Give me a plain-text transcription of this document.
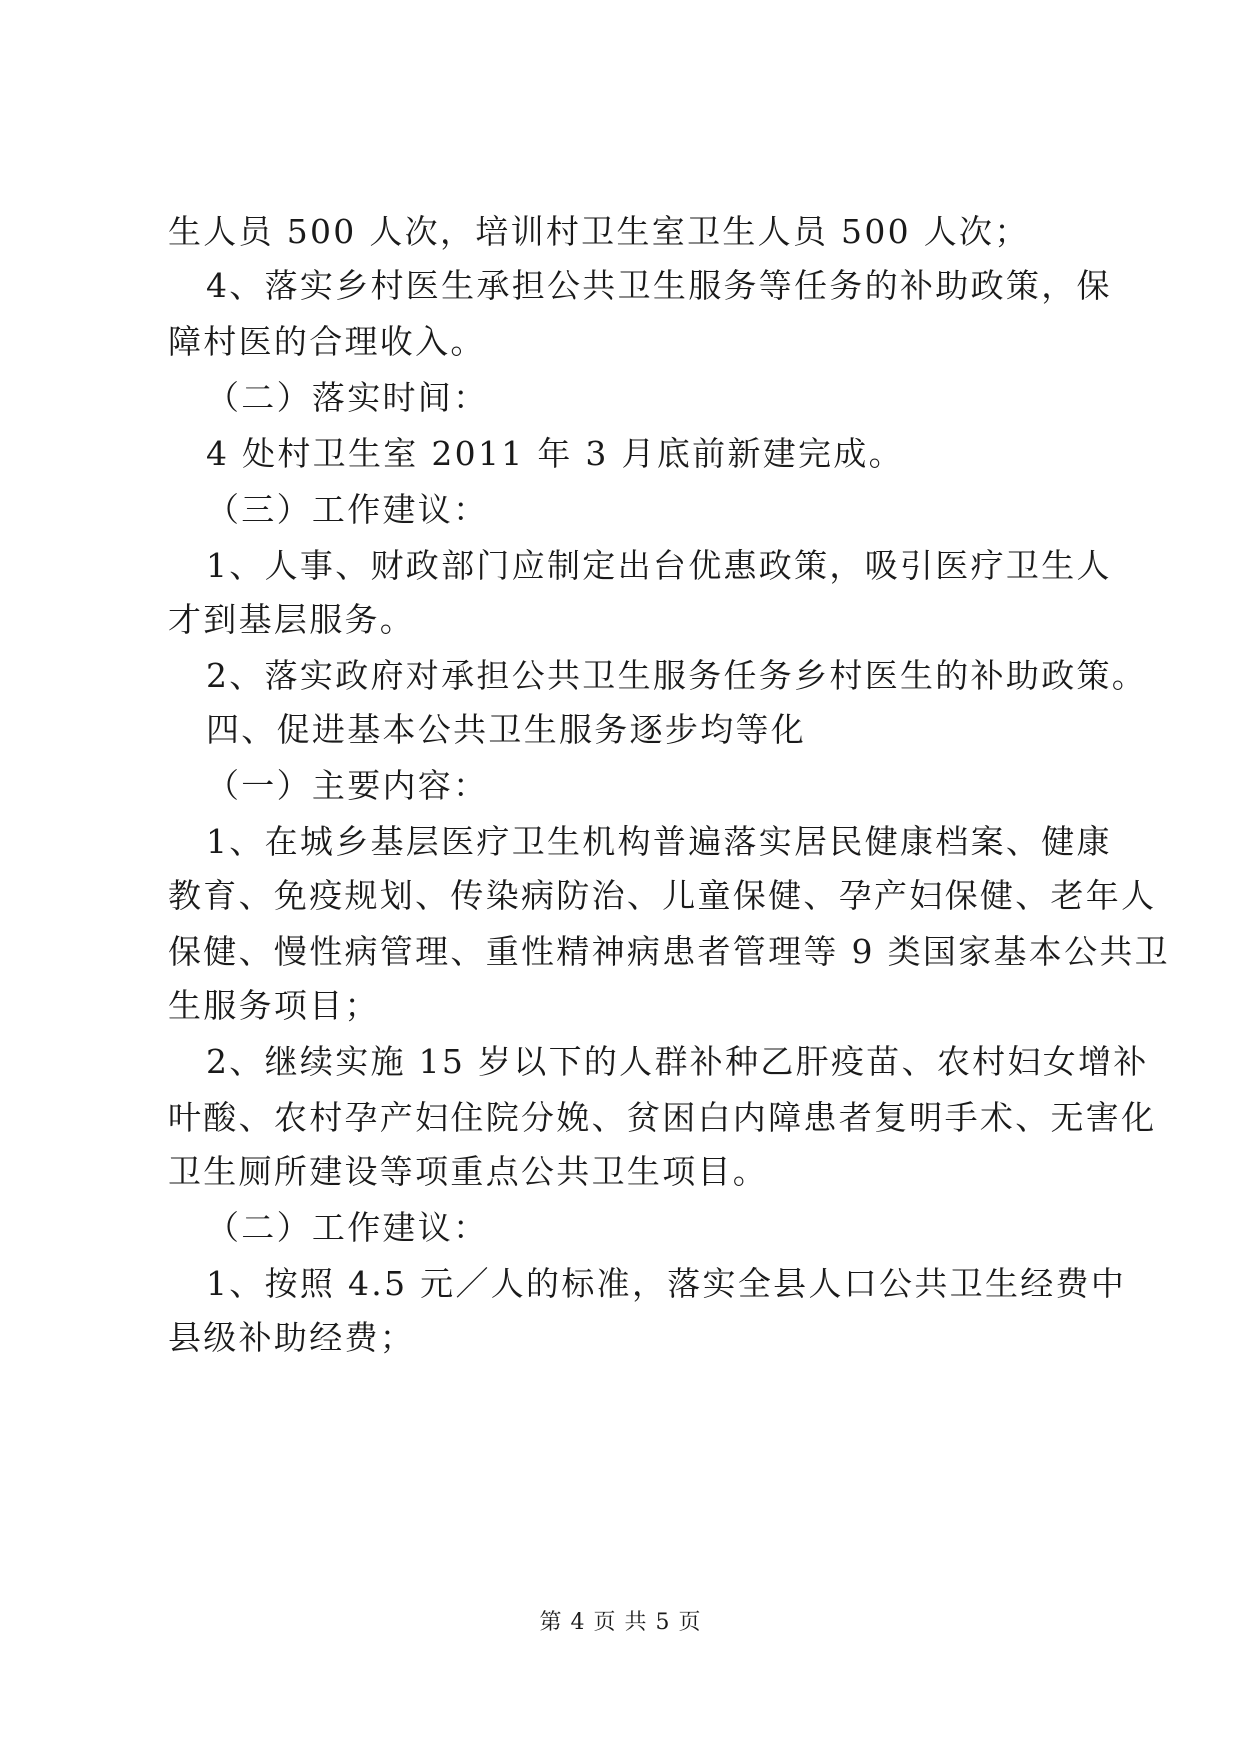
生人员 500 人次，培训村卫生室卫生人员 500 人次；
4、落实乡村医生承担公共卫生服务等任务的补助政策，保
障村医的合理收入。
（二）落实时间：
4 处村卫生室 2011 年 3 月底前新建完成。
（三）工作建议：
1、人事、财政部门应制定出台优惠政策，吸引医疗卫生人
才到基层服务。
2、落实政府对承担公共卫生服务任务乡村医生的补助政策。
四、促进基本公共卫生服务逐步均等化
（一）主要内容：
1、在城乡基层医疗卫生机构普遍落实居民健康档案、健康
教育、免疫规划、传染病防治、儿童保健、孕产妇保健、老年人
保健、慢性病管理、重性精神病患者管理等 9 类国家基本公共卫
生服务项目；
2、继续实施 15 岁以下的人群补种乙肝疫苗、农村妇女增补
叶酸、农村孕产妇住院分娩、贫困白内障患者复明手术、无害化
卫生厕所建设等项重点公共卫生项目。
（二）工作建议：
1、按照 4.5 元／人的标准，落实全县人口公共卫生经费中
县级补助经费；
第 4 页 共 5 页
